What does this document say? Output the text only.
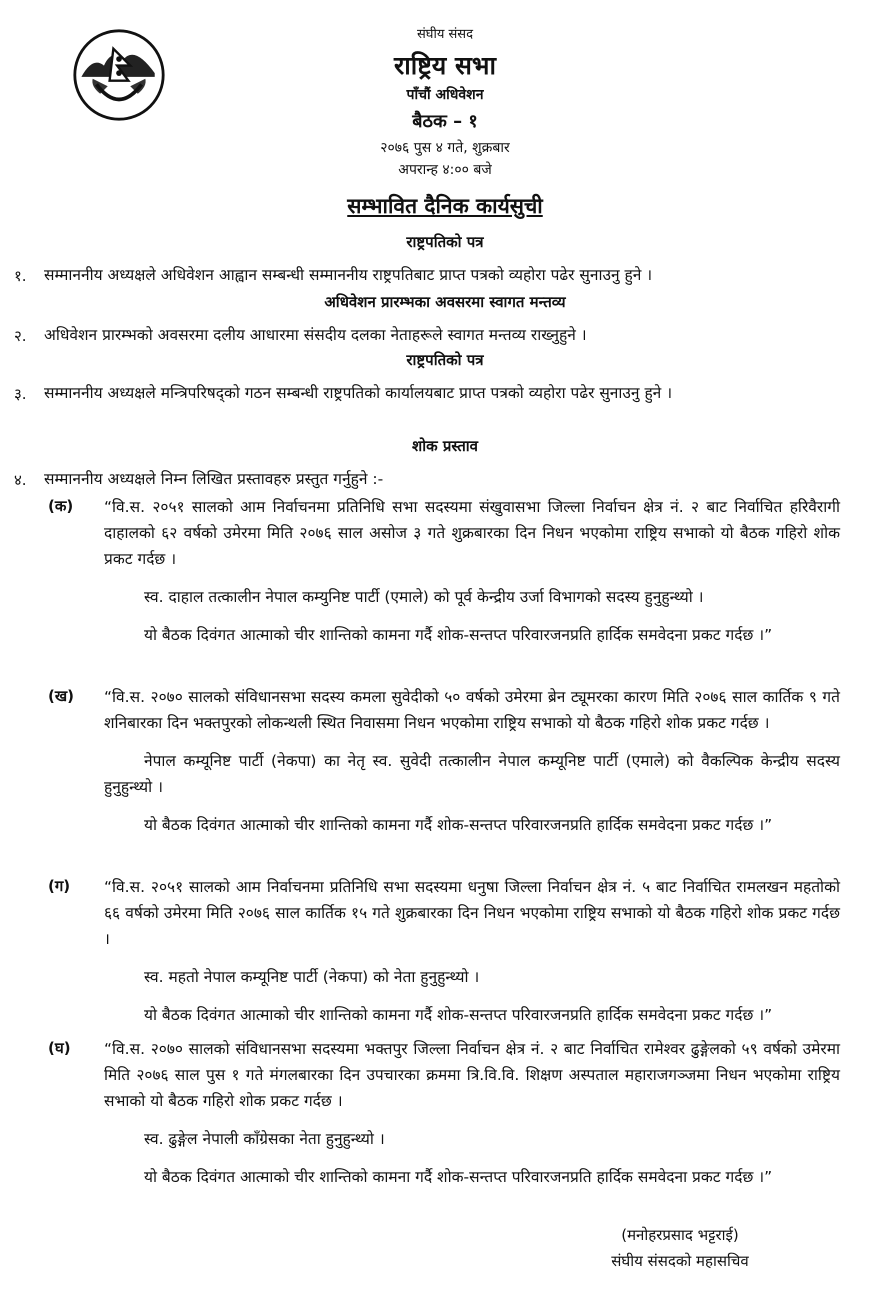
संघीय संसद
राष्ट्रिय सभा
पाँचौं अधिवेशन
बैठक – १
२०७६ पुस ४ गते, शुक्रबार
अपरान्ह ४:०० बजे
सम्भावित दैनिक कार्यसुची
राष्ट्रपतिको पत्र
१. सम्माननीय अध्यक्षले अधिवेशन आह्वान सम्बन्धी सम्माननीय राष्ट्रपतिबाट प्राप्त पत्रको व्यहोरा पढेर सुनाउनु हुने ।
अधिवेशन प्रारम्भका अवसरमा स्वागत मन्तव्य
२. अधिवेशन प्रारम्भको अवसरमा दलीय आधारमा संसदीय दलका नेताहरूले स्वागत मन्तव्य राख्नुहुने ।
राष्ट्रपतिको पत्र
३. सम्माननीय अध्यक्षले मन्त्रिपरिषद्को गठन सम्बन्धी राष्ट्रपतिको कार्यालयबाट प्राप्त पत्रको व्यहोरा पढेर सुनाउनु हुने ।
शोक प्रस्ताव
४. सम्माननीय अध्यक्षले निम्न लिखित प्रस्तावहरु प्रस्तुत गर्नुहुने :-
(क) “वि.स. २०५१ सालको आम निर्वाचनमा प्रतिनिधि सभा सदस्यमा संखुवासभा जिल्ला निर्वाचन क्षेत्र नं. २ बाट निर्वाचित हरिवैरागी दाहालको ६२ वर्षको उमेरमा मिति २०७६ साल असोज ३ गते शुक्रबारका दिन निधन भएकोमा राष्ट्रिय सभाको यो बैठक गहिरो शोक प्रकट गर्दछ ।

स्व. दाहाल तत्कालीन नेपाल कम्युनिष्ट पार्टी (एमाले) को पूर्व केन्द्रीय उर्जा विभागको सदस्य हुनुहुन्थ्यो ।

यो बैठक दिवंगत आत्माको चीर शान्तिको कामना गर्दै शोक-सन्तप्त परिवारजनप्रति हार्दिक समवेदना प्रकट गर्दछ ।”

(ख) “वि.स. २०७० सालको संविधानसभा सदस्य कमला सुवेदीको ५० वर्षको उमेरमा ब्रेन ट्यूमरका कारण मिति २०७६ साल कार्तिक ९ गते शनिबारका दिन भक्तपुरको लोकन्थली स्थित निवासमा निधन भएकोमा राष्ट्रिय सभाको यो बैठक गहिरो शोक प्रकट गर्दछ ।

नेपाल कम्यूनिष्ट पार्टी (नेकपा) का नेतृ स्व. सुवेदी तत्कालीन नेपाल कम्यूनिष्ट पार्टी (एमाले) को वैकल्पिक केन्द्रीय सदस्य हुनुहुन्थ्यो ।

यो बैठक दिवंगत आत्माको चीर शान्तिको कामना गर्दै शोक-सन्तप्त परिवारजनप्रति हार्दिक समवेदना प्रकट गर्दछ ।”

(ग) “वि.स. २०५१ सालको आम निर्वाचनमा प्रतिनिधि सभा सदस्यमा धनुषा जिल्ला निर्वाचन क्षेत्र नं. ५ बाट निर्वाचित रामलखन महतोको ६६ वर्षको उमेरमा मिति २०७६ साल कार्तिक १५ गते शुक्रबारका दिन निधन भएकोमा राष्ट्रिय सभाको यो बैठक गहिरो शोक प्रकट गर्दछ ।

स्व. महतो नेपाल कम्यूनिष्ट पार्टी (नेकपा) को नेता हुनुहुन्थ्यो ।

यो बैठक दिवंगत आत्माको चीर शान्तिको कामना गर्दै शोक-सन्तप्त परिवारजनप्रति हार्दिक समवेदना प्रकट गर्दछ ।”

(घ) “वि.स. २०७० सालको संविधानसभा सदस्यमा भक्तपुर जिल्ला निर्वाचन क्षेत्र नं. २ बाट निर्वाचित रामेश्वर ढुङ्गेलको ५९ वर्षको उमेरमा मिति २०७६ साल पुस १ गते मंगलबारका दिन उपचारका क्रममा त्रि.वि.वि. शिक्षण अस्पताल महाराजगञ्जमा निधन भएकोमा राष्ट्रिय सभाको यो बैठक गहिरो शोक प्रकट गर्दछ ।

स्व. ढुङ्गेल नेपाली काँग्रेसका नेता हुनुहुन्थ्यो ।

यो बैठक दिवंगत आत्माको चीर शान्तिको कामना गर्दै शोक-सन्तप्त परिवारजनप्रति हार्दिक समवेदना प्रकट गर्दछ ।”

(मनोहरप्रसाद भट्टराई)
संघीय संसदको महासचिव
